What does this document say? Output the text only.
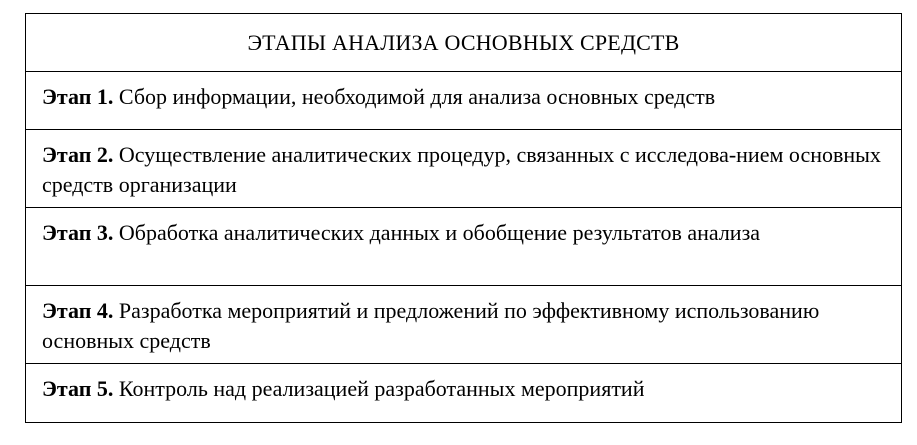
ЭТАПЫ АНАЛИЗА ОСНОВНЫХ СРЕДСТВ
Этап 1. Сбор информации, необходимой для анализа основных средств
Этап 2. Осуществление аналитических процедур, связанных с исследова-нием основных средств организации
Этап 3. Обработка аналитических данных и обобщение результатов анализа
Этап 4. Разработка мероприятий и предложений по эффективному использованию основных средств
Этап 5. Контроль над реализацией разработанных мероприятий
